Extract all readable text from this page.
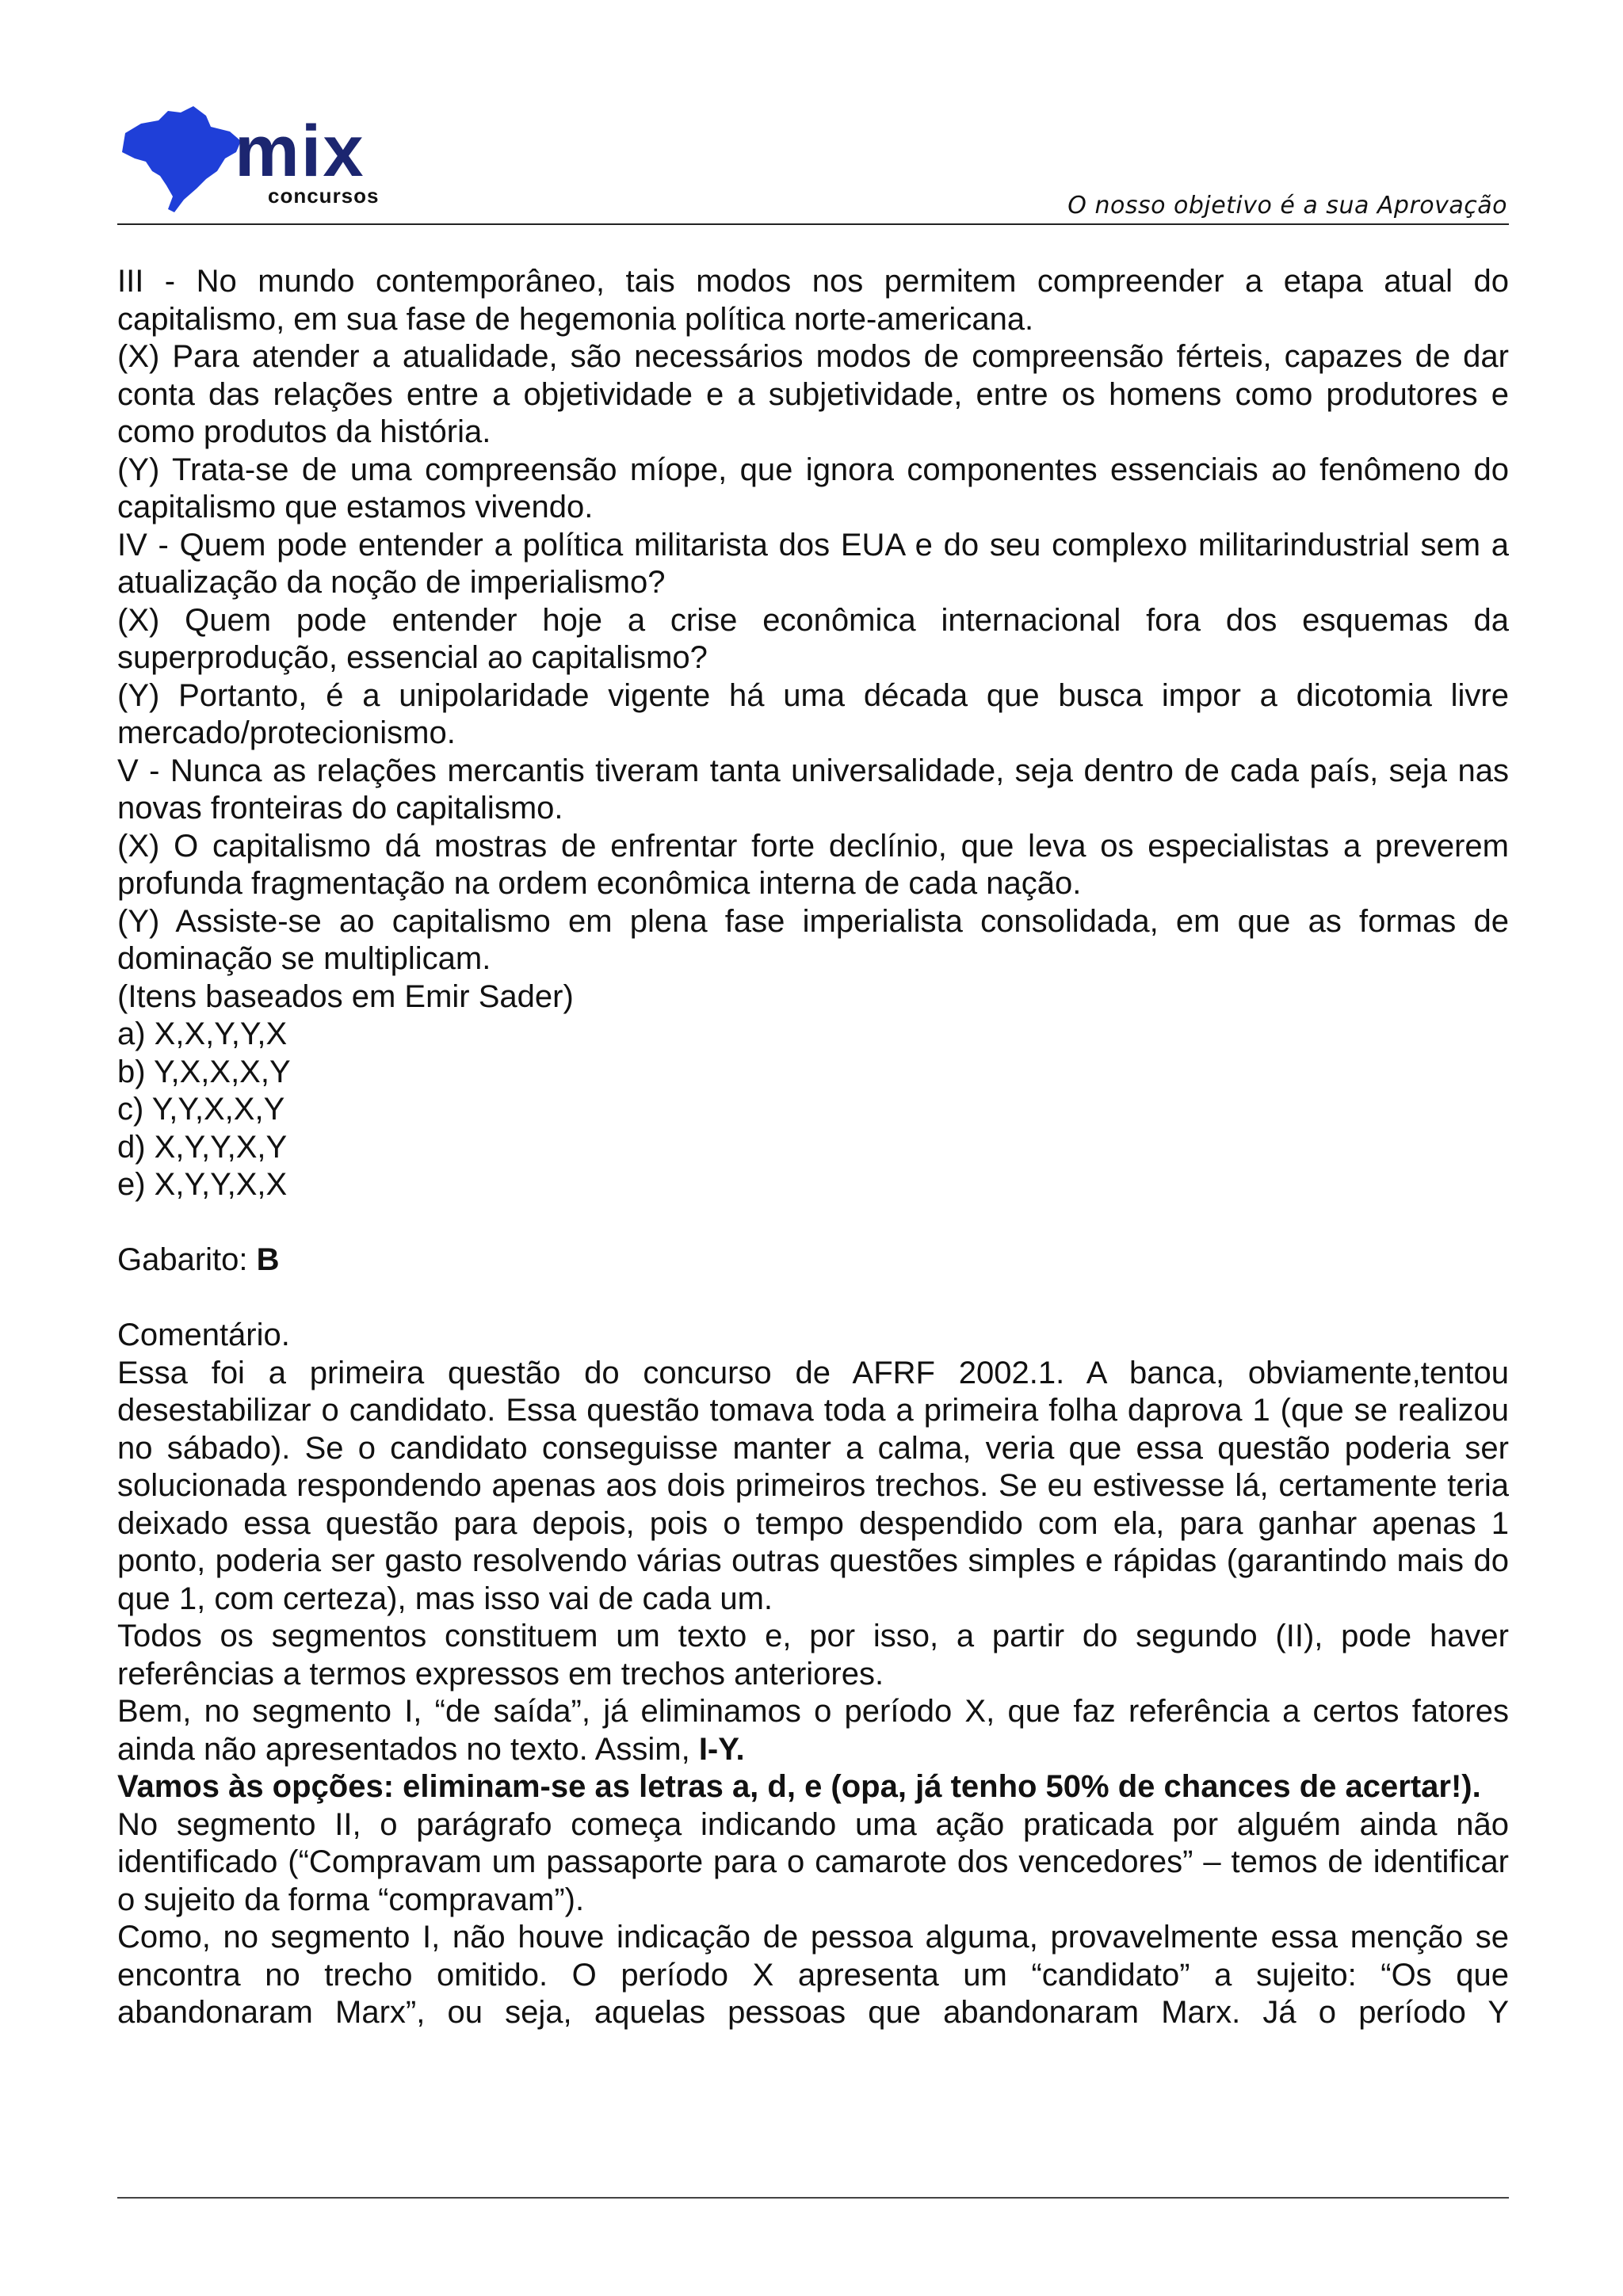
mix
concursos	O nosso objetivo é a sua Aprovação

III - No mundo contemporâneo, tais modos nos permitem compreender a etapa atual do capitalismo, em sua fase de hegemonia política norte-americana.

(X) Para atender a atualidade, são necessários modos de compreensão férteis, capazes de dar conta das relações entre a objetividade e a subjetividade, entre os homens como produtores e como produtos da história.

(Y) Trata-se de uma compreensão míope, que ignora componentes essenciais ao fenômeno do capitalismo que estamos vivendo.

IV - Quem pode entender a política militarista dos EUA e do seu complexo militarindustrial sem a atualização da noção de imperialismo?

(X) Quem pode entender hoje a crise econômica internacional fora dos esquemas da superprodução, essencial ao capitalismo?

(Y) Portanto, é a unipolaridade vigente há uma década que busca impor a dicotomia livre mercado/protecionismo.

V - Nunca as relações mercantis tiveram tanta universalidade, seja dentro de cada país, seja nas novas fronteiras do capitalismo.

(X) O capitalismo dá mostras de enfrentar forte declínio, que leva os especialistas a preverem profunda fragmentação na ordem econômica interna de cada nação.

(Y) Assiste-se ao capitalismo em plena fase imperialista consolidada, em que as formas de dominação se multiplicam.

(Itens baseados em Emir Sader)

a) X,X,Y,Y,X

b) Y,X,X,X,Y

c) Y,Y,X,X,Y

d) X,Y,Y,X,Y

e) X,Y,Y,X,X

Gabarito: B

Comentário.

Essa foi a primeira questão do concurso de AFRF 2002.1. A banca, obviamente,tentou desestabilizar o candidato. Essa questão tomava toda a primeira folha daprova 1 (que se realizou no sábado). Se o candidato conseguisse manter a calma, veria que essa questão poderia ser solucionada respondendo apenas aos dois primeiros trechos. Se eu estivesse lá, certamente teria deixado essa questão para depois, pois o tempo despendido com ela, para ganhar apenas 1 ponto, poderia ser gasto resolvendo várias outras questões simples e rápidas (garantindo mais do que 1, com certeza), mas isso vai de cada um.

Todos os segmentos constituem um texto e, por isso, a partir do segundo (II), pode haver referências a termos expressos em trechos anteriores.

Bem, no segmento I, “de saída”, já eliminamos o período X, que faz referência a certos fatores ainda não apresentados no texto. Assim, I-Y.

Vamos às opções: eliminam-se as letras a, d, e (opa, já tenho 50% de chances de acertar!).

No segmento II, o parágrafo começa indicando uma ação praticada por alguém ainda não identificado (“Compravam um passaporte para o camarote dos vencedores” – temos de identificar o sujeito da forma “compravam”).

Como, no segmento I, não houve indicação de pessoa alguma, provavelmente essa menção se encontra no trecho omitido. O período X apresenta um “candidato” a sujeito: “Os que abandonaram Marx”, ou seja, aquelas pessoas que abandonaram Marx. Já o período Y
